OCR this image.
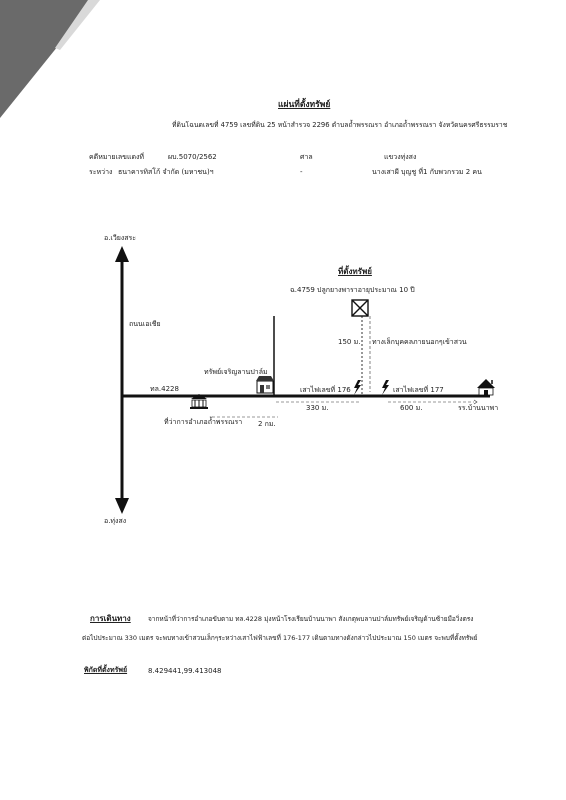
แผ่นที่ตั้งทรัพย์
ที่ดินโฉนดเลขที่ 4759 เลขที่ดิน 25 หน้าสำรวจ 2296 ตำบลถ้ำพรรณรา อำเภอถ้ำพรรณรา จังหวัดนครศรีธรรมราช
คดีหมายเลขแดงที่	ผบ.5070/2562	ศาล	แขวงทุ่งสง
ระหว่าง ธนาคารทิสโก้ จำกัด (มหาชน)ฯ	-	นางเสาผี บุญชู ที่1 กับพวกรวม 2 คน
อ.เวียงสระ
อ.ทุ่งสง
ถนนเอเชีย
ทล.4228
ที่ตั้งทรัพย์
ฉ.4759 ปลูกยางพาราอายุประมาณ 10 ปี
150 ม. ทางเล็กบุคคลภายนอกๆเข้าสวน
ทรัพย์เจริญลานปาล์ม
เสาไฟเลขที่ 176	เสาไฟเลขที่ 177
330 ม.	600 ม.	รร.บ้านนาพา
ที่ว่าการอำเภอถ้ำพรรณรา 2 กม.
การเดินทาง	จากหน้าที่ว่าการอำเภอขับตาม ทล.4228 มุ่งหน้าโรงเรียนบ้านนาพา สังเกตุพบลานปาล์มทรัพย์เจริญด้านซ้ายมือวิ่งตรง
ต่อไปประมาณ 330 เมตร จะพบทางเข้าสวนเล็กๆระหว่างเสาไฟฟ้าเลขที่ 176-177 เดินตามทางดังกล่าวไปประมาณ 150 เมตร จะพบที่ตั้งทรัพย์
พิกัดที่ตั้งทรัพย์	8.429441,99.413048
